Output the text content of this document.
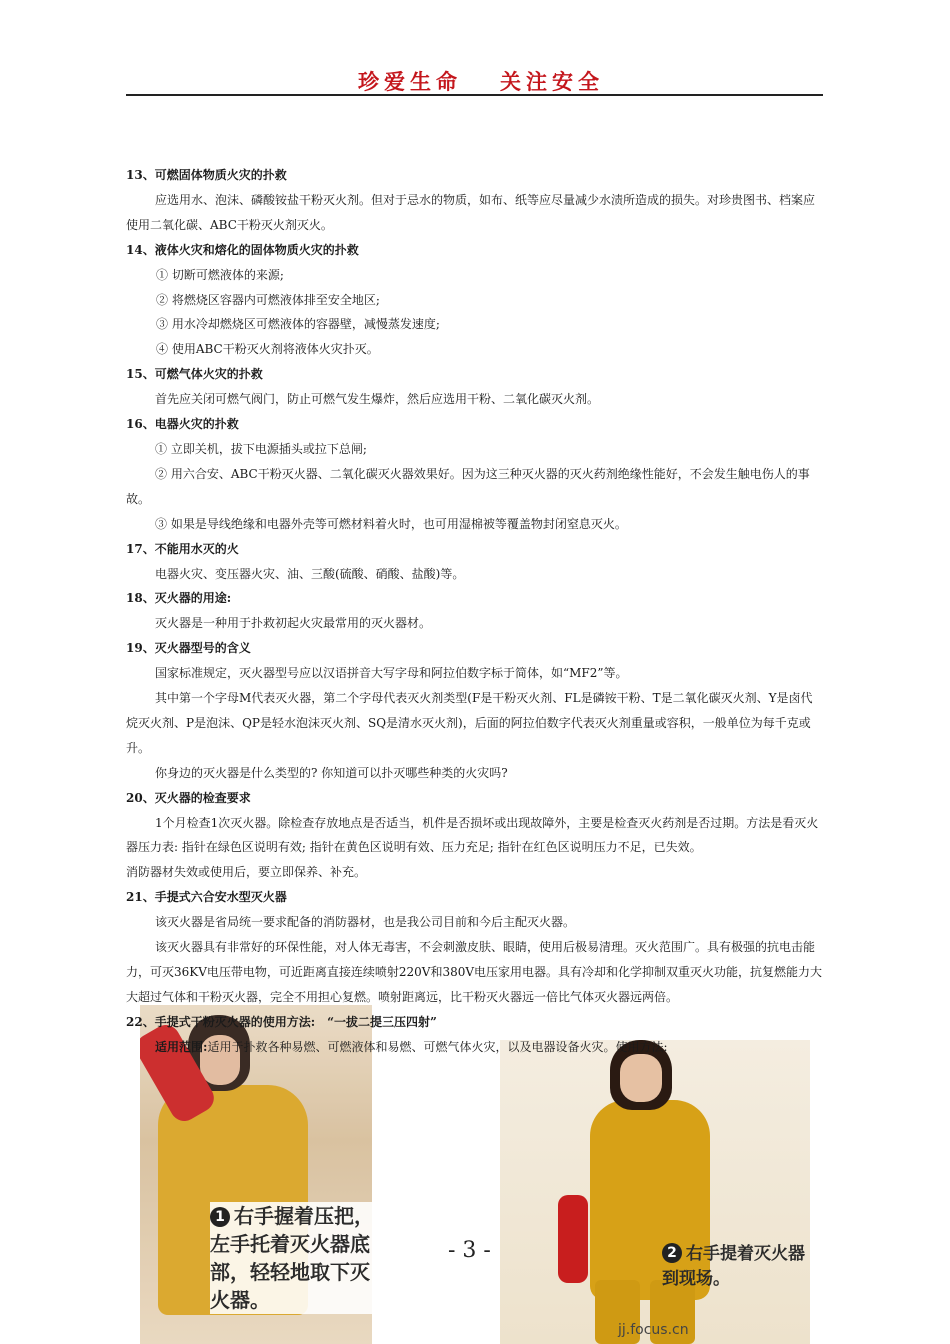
珍爱生命 关注安全

13、可燃固体物质火灾的扑救

应选用水、泡沫、磷酸铵盐干粉灭火剂。但对于忌水的物质，如布、纸等应尽量减少水渍所造成的损失。对珍贵图书、档案应使用二氧化碳、ABC干粉灭火剂灭火。

14、液体火灾和熔化的固体物质火灾的扑救

① 切断可燃液体的来源;

② 将燃烧区容器内可燃液体排至安全地区;

③ 用水冷却燃烧区可燃液体的容器壁，减慢蒸发速度;

④ 使用ABC干粉灭火剂将液体火灾扑灭。

15、可燃气体火灾的扑救

首先应关闭可燃气阀门，防止可燃气发生爆炸，然后应选用干粉、二氧化碳灭火剂。

16、电器火灾的扑救

① 立即关机，拔下电源插头或拉下总闸;

② 用六合安、ABC干粉灭火器、二氧化碳灭火器效果好。因为这三种灭火器的灭火药剂绝缘性能好，不会发生触电伤人的事故。

③ 如果是导线绝缘和电器外壳等可燃材料着火时，也可用湿棉被等覆盖物封闭窒息灭火。

17、不能用水灭的火

电器火灾、变压器火灾、油、三酸(硫酸、硝酸、盐酸)等。

18、灭火器的用途:

灭火器是一种用于扑救初起火灾最常用的灭火器材。

19、灭火器型号的含义

国家标准规定，灭火器型号应以汉语拼音大写字母和阿拉伯数字标于简体，如“MF2”等。

其中第一个字母M代表灭火器，第二个字母代表灭火剂类型(F是干粉灭火剂、FL是磷铵干粉、T是二氧化碳灭火剂、Y是卤代烷灭火剂、P是泡沫、QP是轻水泡沫灭火剂、SQ是清水灭火剂)，后面的阿拉伯数字代表灭火剂重量或容积，一般单位为每千克或升。

你身边的灭火器是什么类型的? 你知道可以扑灭哪些种类的火灾吗?

20、灭火器的检查要求

1个月检查1次灭火器。除检查存放地点是否适当，机件是否损坏或出现故障外，主要是检查灭火药剂是否过期。方法是看灭火器压力表: 指针在绿色区说明有效; 指针在黄色区说明有效、压力充足; 指针在红色区说明压力不足，已失效。

消防器材失效或使用后，要立即保养、补充。

21、手提式六合安水型灭火器

该灭火器是省局统一要求配备的消防器材，也是我公司目前和今后主配灭火器。

该灭火器具有非常好的环保性能，对人体无毒害，不会刺激皮肤、眼睛，使用后极易清理。灭火范围广。具有极强的抗电击能力，可灭36KV电压带电物，可近距离直接连续喷射220V和380V电压家用电器。具有冷却和化学抑制双重灭火功能，抗复燃能力大大超过气体和干粉灭火器，完全不用担心复燃。喷射距离远，比干粉灭火器远一倍比气体灭火器远两倍。

22、手提式干粉灭火器的使用方法:　“一拔二提三压四射”

适用范围:适用于扑救各种易燃、可燃液体和易燃、可燃气体火灾，以及电器设备火灾。使用方法:

1 右手握着压把，左手托着灭火器底部，轻轻地取下灭火器。
2 右手提着灭火器到现场。
- 3 -
jj.focus.cn
